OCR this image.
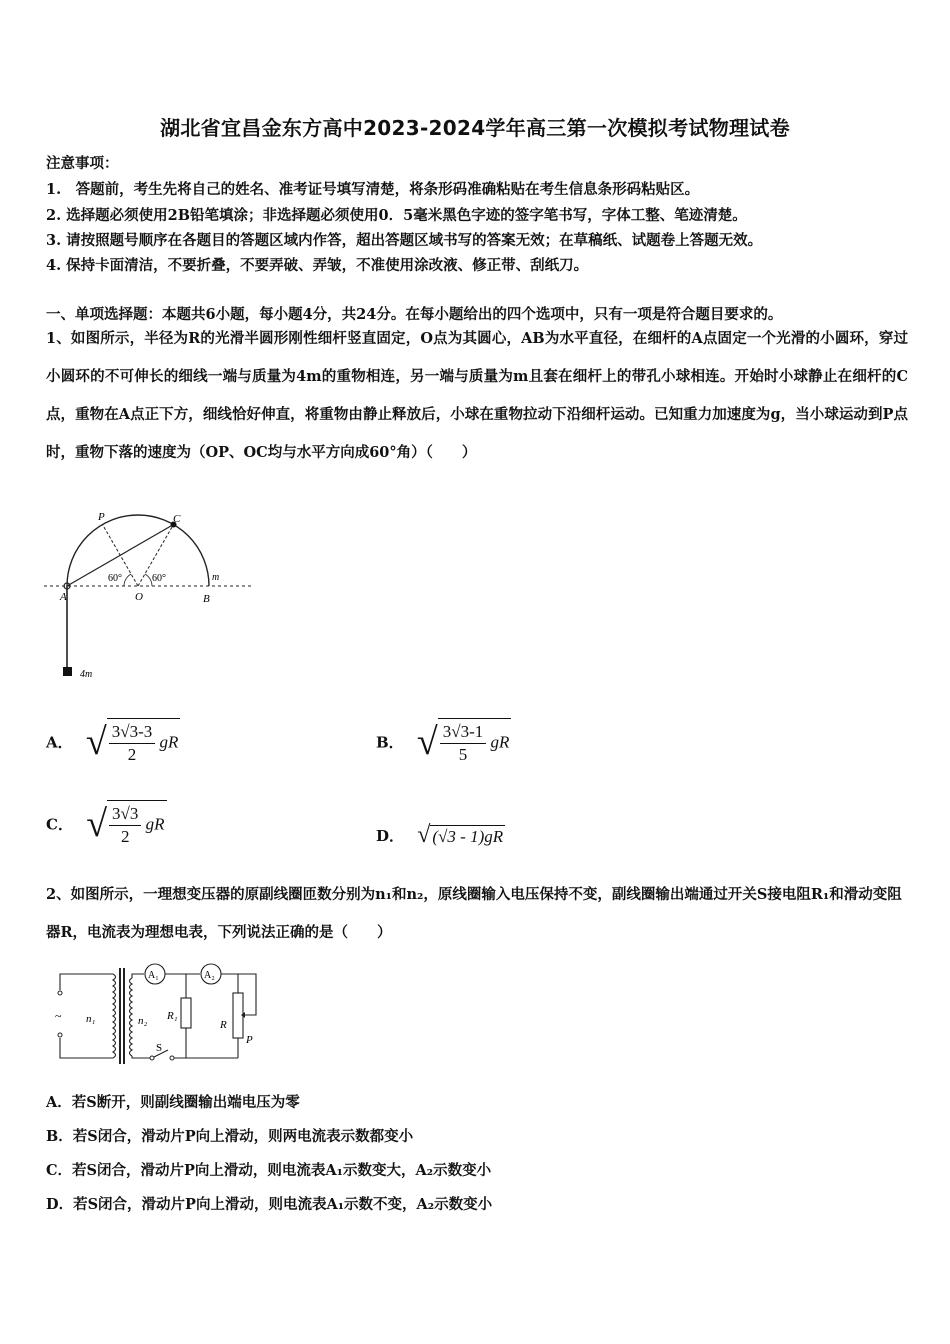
湖北省宜昌金东方高中2023-2024学年高三第一次模拟考试物理试卷
注意事项：
1.　答题前，考生先将自己的姓名、准考证号填写清楚，将条形码准确粘贴在考生信息条形码粘贴区。
2. 选择题必须使用2B铅笔填涂；非选择题必须使用0．5毫米黑色字迹的签字笔书写，字体工整、笔迹清楚。
3. 请按照题号顺序在各题目的答题区域内作答，超出答题区域书写的答案无效；在草稿纸、试题卷上答题无效。
4. 保持卡面清洁，不要折叠，不要弄破、弄皱，不准使用涂改液、修正带、刮纸刀。
一、单项选择题：本题共6小题，每小题4分，共24分。在每小题给出的四个选项中，只有一项是符合题目要求的。
1、如图所示，半径为R的光滑半圆形刚性细杆竖直固定，O点为其圆心，AB为水平直径，在细杆的A点固定一个光滑的小圆环，穿过小圆环的不可伸长的细线一端与质量为4m的重物相连，另一端与质量为m且套在细杆上的带孔小球相连。开始时小球静止在细杆的C点，重物在A点正下方，细线恰好伸直，将重物由静止释放后，小球在重物拉动下沿细杆运动。已知重力加速度为g，当小球运动到P点时，重物下落的速度为（OP、OC均与水平方向成60°角）（　　）
P	C
A	O	B
m
4m
60°	60°
A． √ $\frac{3√3-3}{2}$ gR	B． √ $\frac{3√3-1}{5}$ gR
C． √ $\frac{3√3}{2}$ gR
D． √ (√3 - 1)gR
2、如图所示，一理想变压器的原副线圈匝数分别为n₁和n₂，原线圈输入电压保持不变，副线圈输出端通过开关S接电阻R₁和滑动变阻器R，电流表为理想电表，下列说法正确的是（　　）
~ n₁	n₂
A₁	A₂
R₁
R
P
S
A．若S断开，则副线圈输出端电压为零
B．若S闭合，滑动片P向上滑动，则两电流表示数都变小
C．若S闭合，滑动片P向上滑动，则电流表A₁示数变大，A₂示数变小
D．若S闭合，滑动片P向上滑动，则电流表A₁示数不变，A₂示数变小
